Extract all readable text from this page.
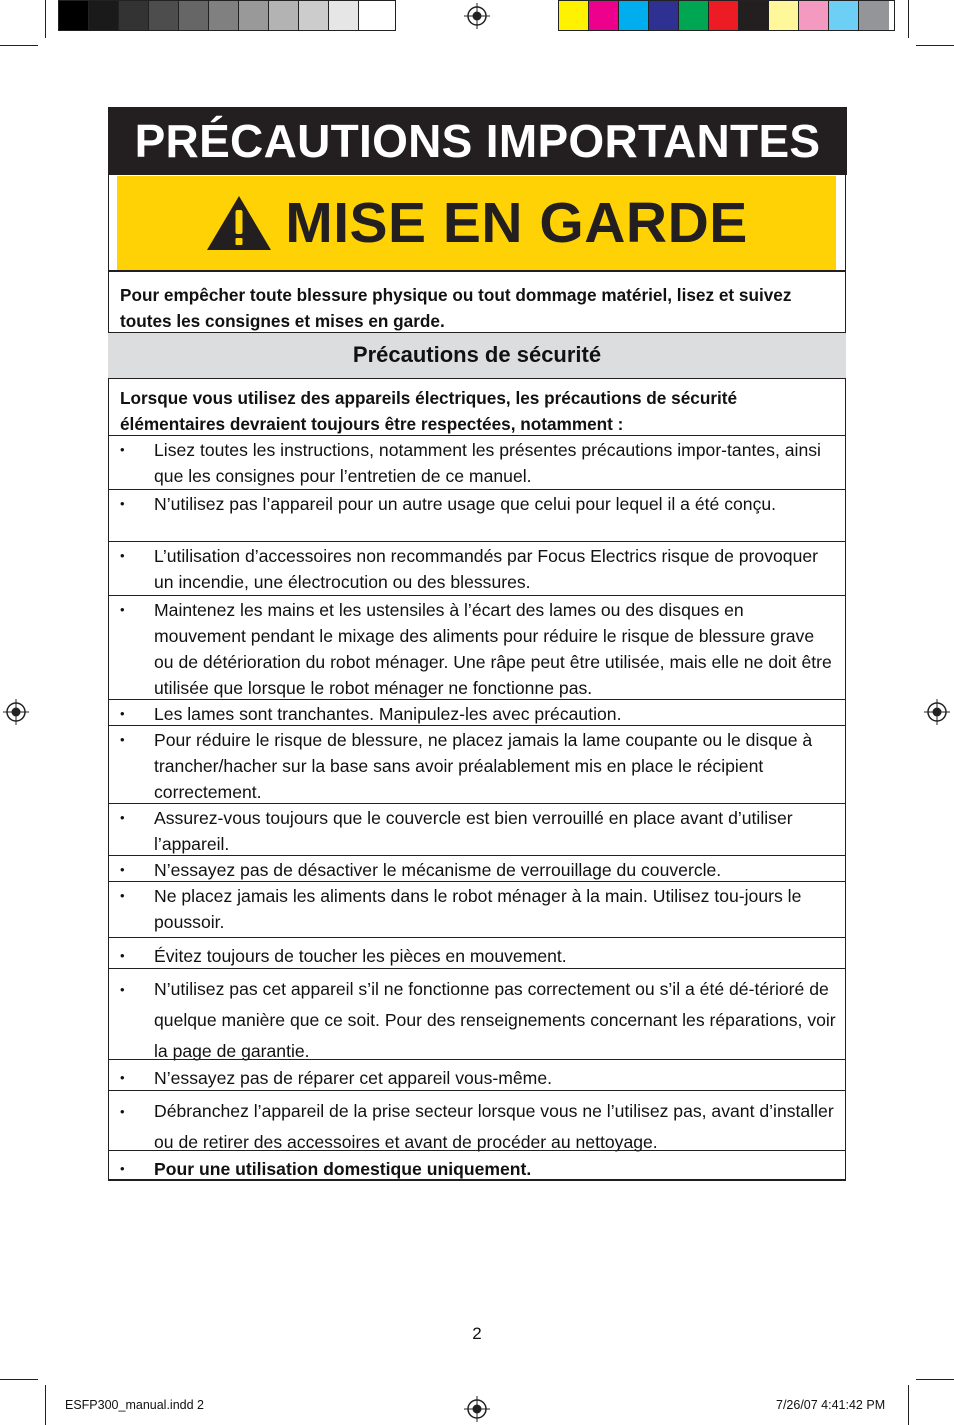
PRÉCAUTIONS IMPORTANTES
MISE EN GARDE
Pour empêcher toute blessure physique ou tout dommage matériel, lisez et suivez toutes les consignes et mises en garde.
Précautions de sécurité
Lorsque vous utilisez des appareils électriques, les précautions de sécurité élémentaires devraient toujours être respectées, notamment :
•	Lisez toutes les instructions, notamment les présentes précautions impor-tantes, ainsi que les consignes pour l’entretien de ce manuel.
•	N’utilisez pas l’appareil pour un autre usage que celui pour lequel il a été conçu.
•	L’utilisation d’accessoires non recommandés par Focus Electrics risque de provoquer un incendie, une électrocution ou des blessures.
•	Maintenez les mains et les ustensiles à l’écart des lames ou des disques en mouvement pendant le mixage des aliments pour réduire le risque de blessure grave ou de détérioration du robot ménager. Une râpe peut être utilisée, mais elle ne doit être utilisée que lorsque le robot ménager ne fonctionne pas.
•	Les lames sont tranchantes. Manipulez-les avec précaution.
•	Pour réduire le risque de blessure, ne placez jamais la lame coupante ou le disque à trancher/hacher sur la base sans avoir préalablement mis en place le récipient correctement.
•	Assurez-vous toujours que le couvercle est bien verrouillé en place avant d’utiliser l’appareil.
•	N’essayez pas de désactiver le mécanisme de verrouillage du couvercle.
•	Ne placez jamais les aliments dans le robot ménager à la main. Utilisez tou-jours le poussoir.
•	Évitez toujours de toucher les pièces en mouvement.
•	N’utilisez pas cet appareil s’il ne fonctionne pas correctement ou s’il a été dé-térioré de quelque manière que ce soit. Pour des renseignements concernant les réparations, voir la page de garantie.
•	N’essayez pas de réparer cet appareil vous-même.
•	Débranchez l’appareil de la prise secteur lorsque vous ne l’utilisez pas, avant d’installer ou de retirer des accessoires et avant de procéder au nettoyage.
•	Pour une utilisation domestique uniquement.
2
ESFP300_manual.indd 2	7/26/07 4:41:42 PM
